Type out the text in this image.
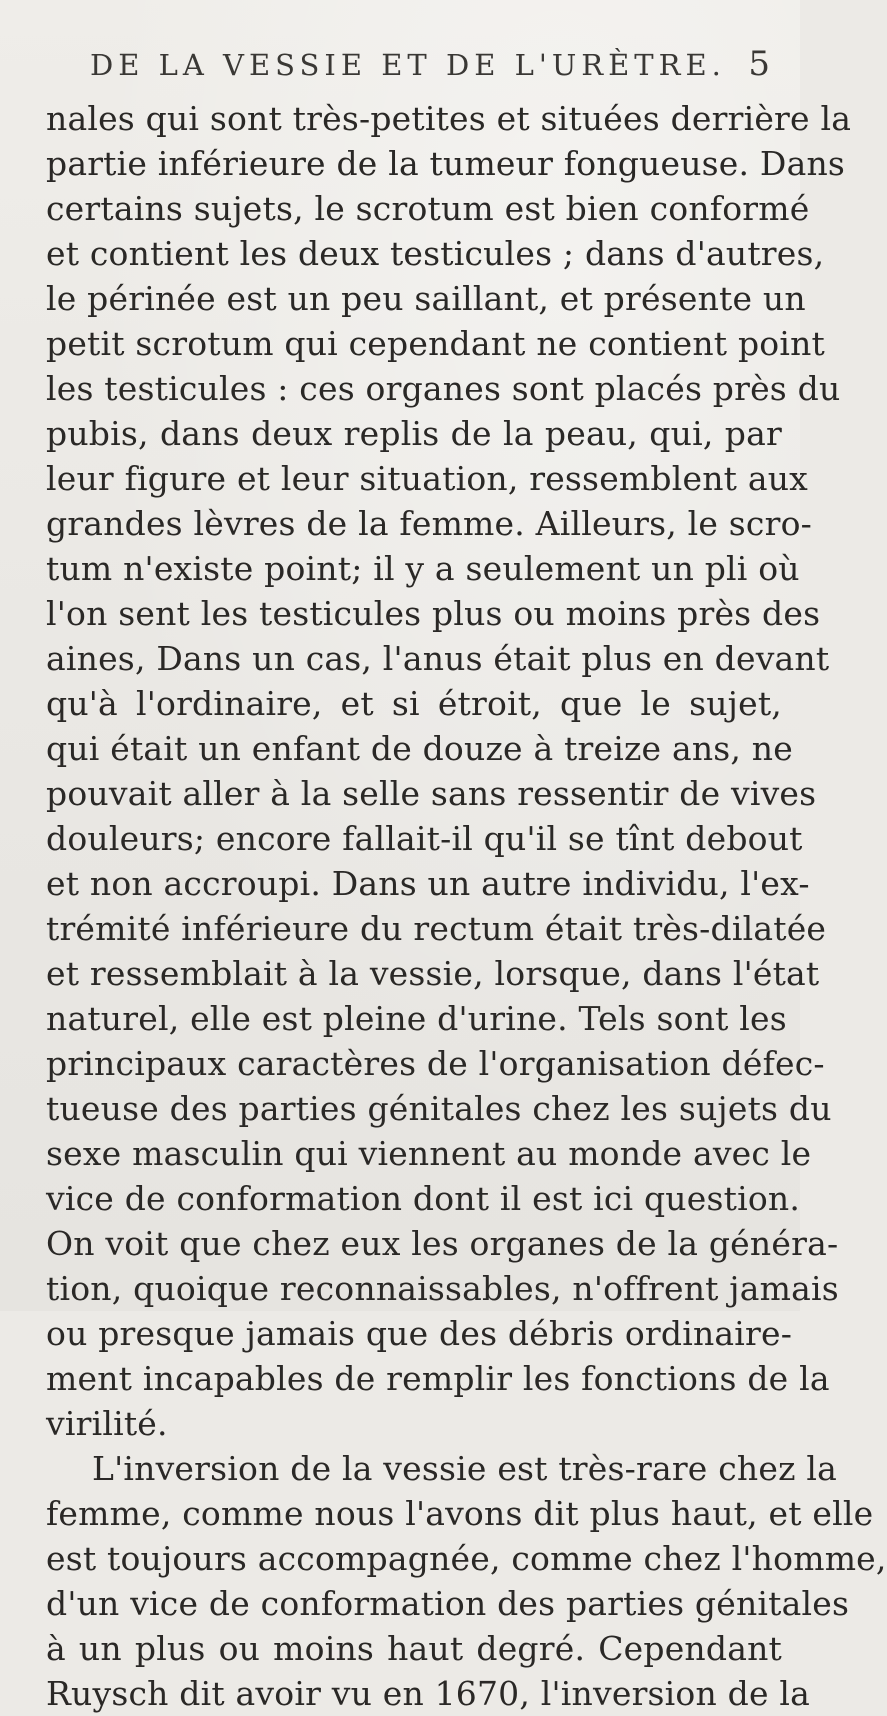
DE LA VESSIE ET DE L'URÈTRE. 5
nales qui sont très-petites et situées derrière la
partie inférieure de la tumeur fongueuse. Dans
certains sujets, le scrotum est bien conformé
et contient les deux testicules ; dans d'autres,
le périnée est un peu saillant, et présente un
petit scrotum qui cependant ne contient point
les testicules : ces organes sont placés près du
pubis, dans deux replis de la peau, qui, par
leur figure et leur situation, ressemblent aux
grandes lèvres de la femme. Ailleurs, le scro-
tum n'existe point; il y a seulement un pli où
l'on sent les testicules plus ou moins près des
aines, Dans un cas, l'anus était plus en devant
qu'à l'ordinaire, et si étroit, que le sujet,
qui était un enfant de douze à treize ans, ne
pouvait aller à la selle sans ressentir de vives
douleurs; encore fallait-il qu'il se tînt debout
et non accroupi. Dans un autre individu, l'ex-
trémité inférieure du rectum était très-dilatée
et ressemblait à la vessie, lorsque, dans l'état
naturel, elle est pleine d'urine. Tels sont les
principaux caractères de l'organisation défec-
tueuse des parties génitales chez les sujets du
sexe masculin qui viennent au monde avec le
vice de conformation dont il est ici question.
On voit que chez eux les organes de la généra-
tion, quoique reconnaissables, n'offrent jamais
ou presque jamais que des débris ordinaire-
ment incapables de remplir les fonctions de la
virilité.
L'inversion de la vessie est très-rare chez la
femme, comme nous l'avons dit plus haut, et elle
est toujours accompagnée, comme chez l'homme,
d'un vice de conformation des parties génitales
à un plus ou moins haut degré. Cependant
Ruysch dit avoir vu en 1670, l'inversion de la
